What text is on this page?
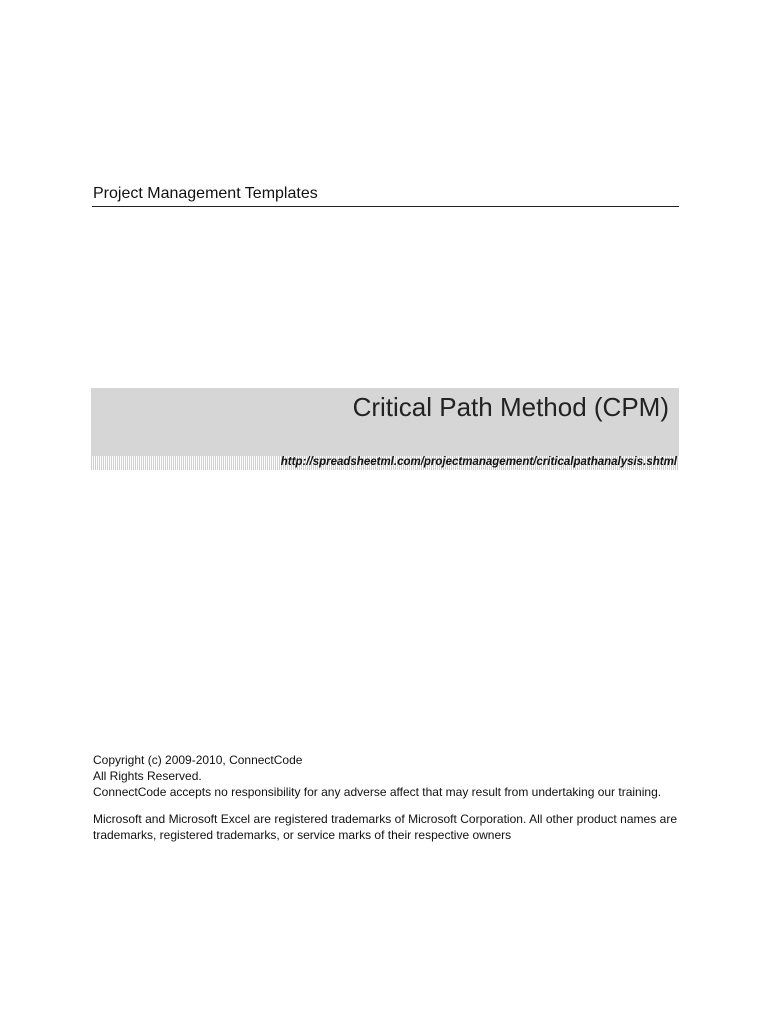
Project Management Templates
Critical Path Method (CPM)
http://spreadsheetml.com/projectmanagement/criticalpathanalysis.shtml

Copyright (c) 2009-2010, ConnectCode

All Rights Reserved.

ConnectCode accepts no responsibility for any adverse affect that may result from undertaking our training.

Microsoft and Microsoft Excel are registered trademarks of Microsoft Corporation. All other product names are trademarks, registered trademarks, or service marks of their respective owners
